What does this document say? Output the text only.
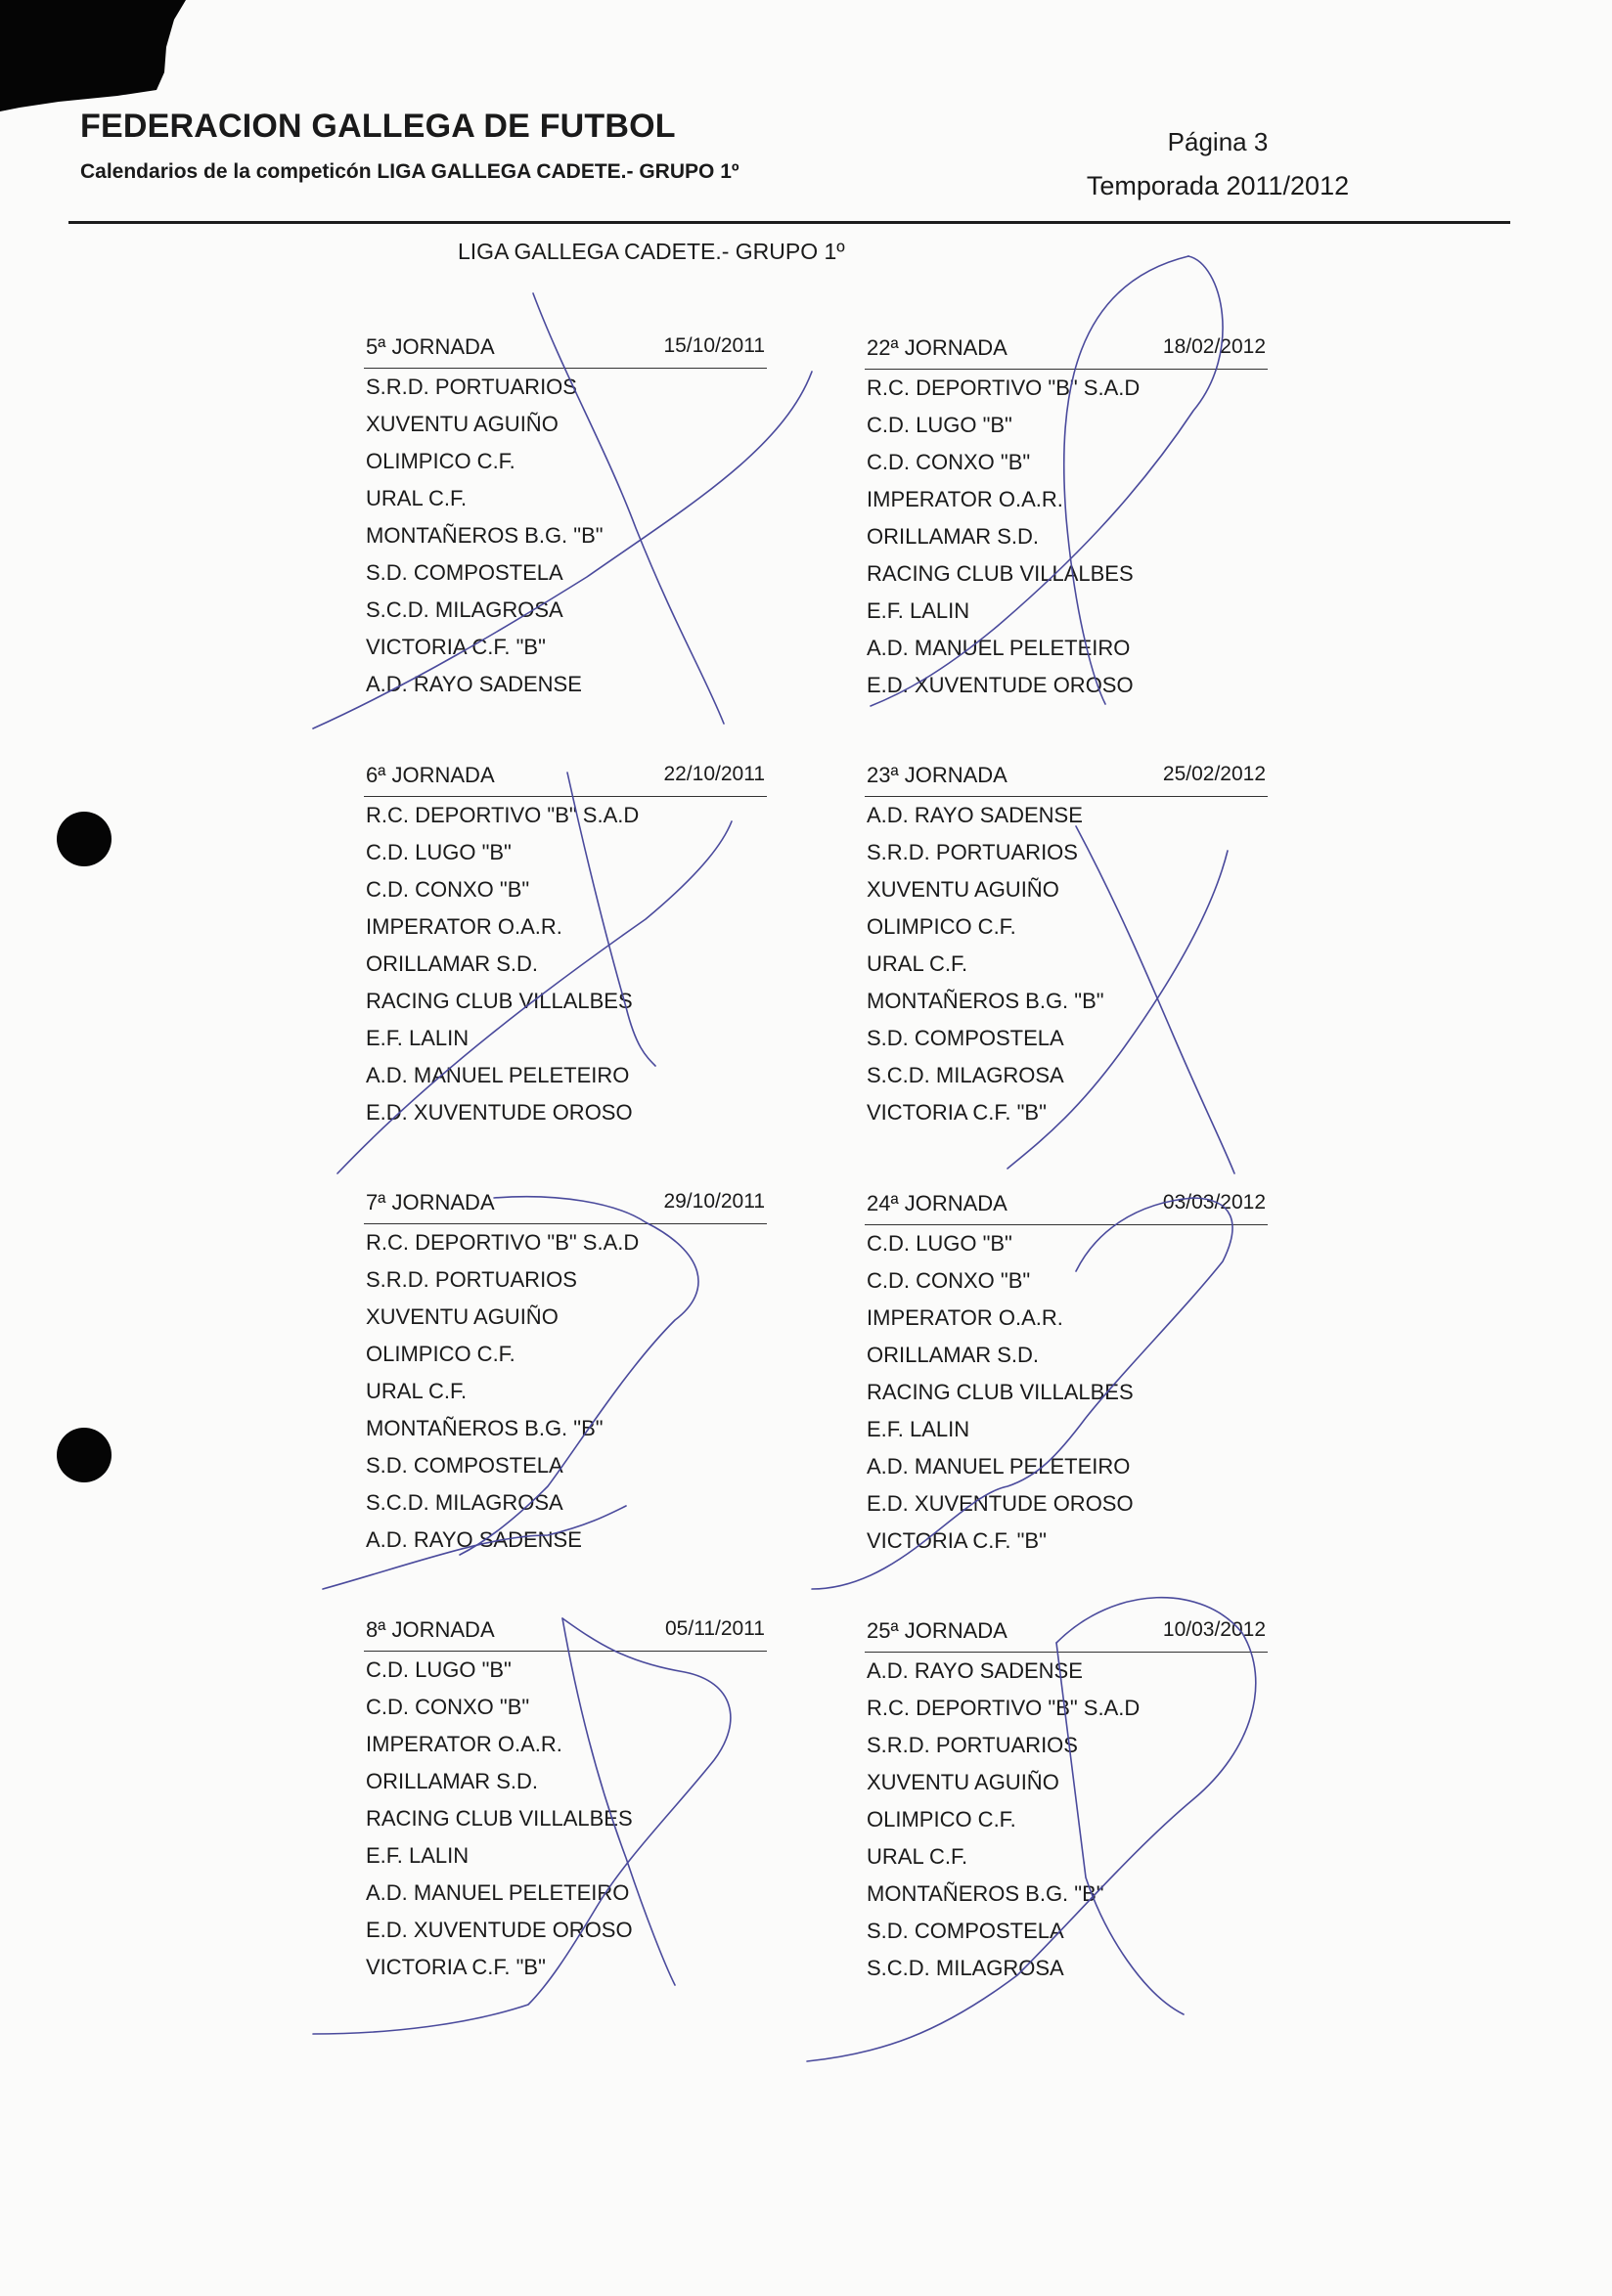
FEDERACION GALLEGA DE FUTBOL
Calendarios de la competicón LIGA GALLEGA CADETE.- GRUPO 1º
Página 3
Temporada 2011/2012
LIGA GALLEGA CADETE.- GRUPO 1º
5ª JORNADA	15/10/2011
S.R.D. PORTUARIOS
XUVENTU AGUIÑO
OLIMPICO C.F.
URAL C.F.
MONTAÑEROS B.G. "B"
S.D. COMPOSTELA
S.C.D. MILAGROSA
VICTORIA C.F. "B"
A.D. RAYO SADENSE
22ª JORNADA	18/02/2012
R.C. DEPORTIVO "B" S.A.D
C.D. LUGO "B"
C.D. CONXO "B"
IMPERATOR O.A.R.
ORILLAMAR S.D.
RACING CLUB VILLALBES
E.F. LALIN
A.D. MANUEL PELETEIRO
E.D. XUVENTUDE OROSO
6ª JORNADA	22/10/2011
R.C. DEPORTIVO "B" S.A.D
C.D. LUGO "B"
C.D. CONXO "B"
IMPERATOR O.A.R.
ORILLAMAR S.D.
RACING CLUB VILLALBES
E.F. LALIN
A.D. MANUEL PELETEIRO
E.D. XUVENTUDE OROSO
23ª JORNADA	25/02/2012
A.D. RAYO SADENSE
S.R.D. PORTUARIOS
XUVENTU AGUIÑO
OLIMPICO C.F.
URAL C.F.
MONTAÑEROS B.G. "B"
S.D. COMPOSTELA
S.C.D. MILAGROSA
VICTORIA C.F. "B"
7ª JORNADA	29/10/2011
R.C. DEPORTIVO "B" S.A.D
S.R.D. PORTUARIOS
XUVENTU AGUIÑO
OLIMPICO C.F.
URAL C.F.
MONTAÑEROS B.G. "B"
S.D. COMPOSTELA
S.C.D. MILAGROSA
A.D. RAYO SADENSE
24ª JORNADA	03/03/2012
C.D. LUGO "B"
C.D. CONXO "B"
IMPERATOR O.A.R.
ORILLAMAR S.D.
RACING CLUB VILLALBES
E.F. LALIN
A.D. MANUEL PELETEIRO
E.D. XUVENTUDE OROSO
VICTORIA C.F. "B"
8ª JORNADA	05/11/2011
C.D. LUGO "B"
C.D. CONXO "B"
IMPERATOR O.A.R.
ORILLAMAR S.D.
RACING CLUB VILLALBES
E.F. LALIN
A.D. MANUEL PELETEIRO
E.D. XUVENTUDE OROSO
VICTORIA C.F. "B"
25ª JORNADA	10/03/2012
A.D. RAYO SADENSE
R.C. DEPORTIVO "B" S.A.D
S.R.D. PORTUARIOS
XUVENTU AGUIÑO
OLIMPICO C.F.
URAL C.F.
MONTAÑEROS B.G. "B"
S.D. COMPOSTELA
S.C.D. MILAGROSA
